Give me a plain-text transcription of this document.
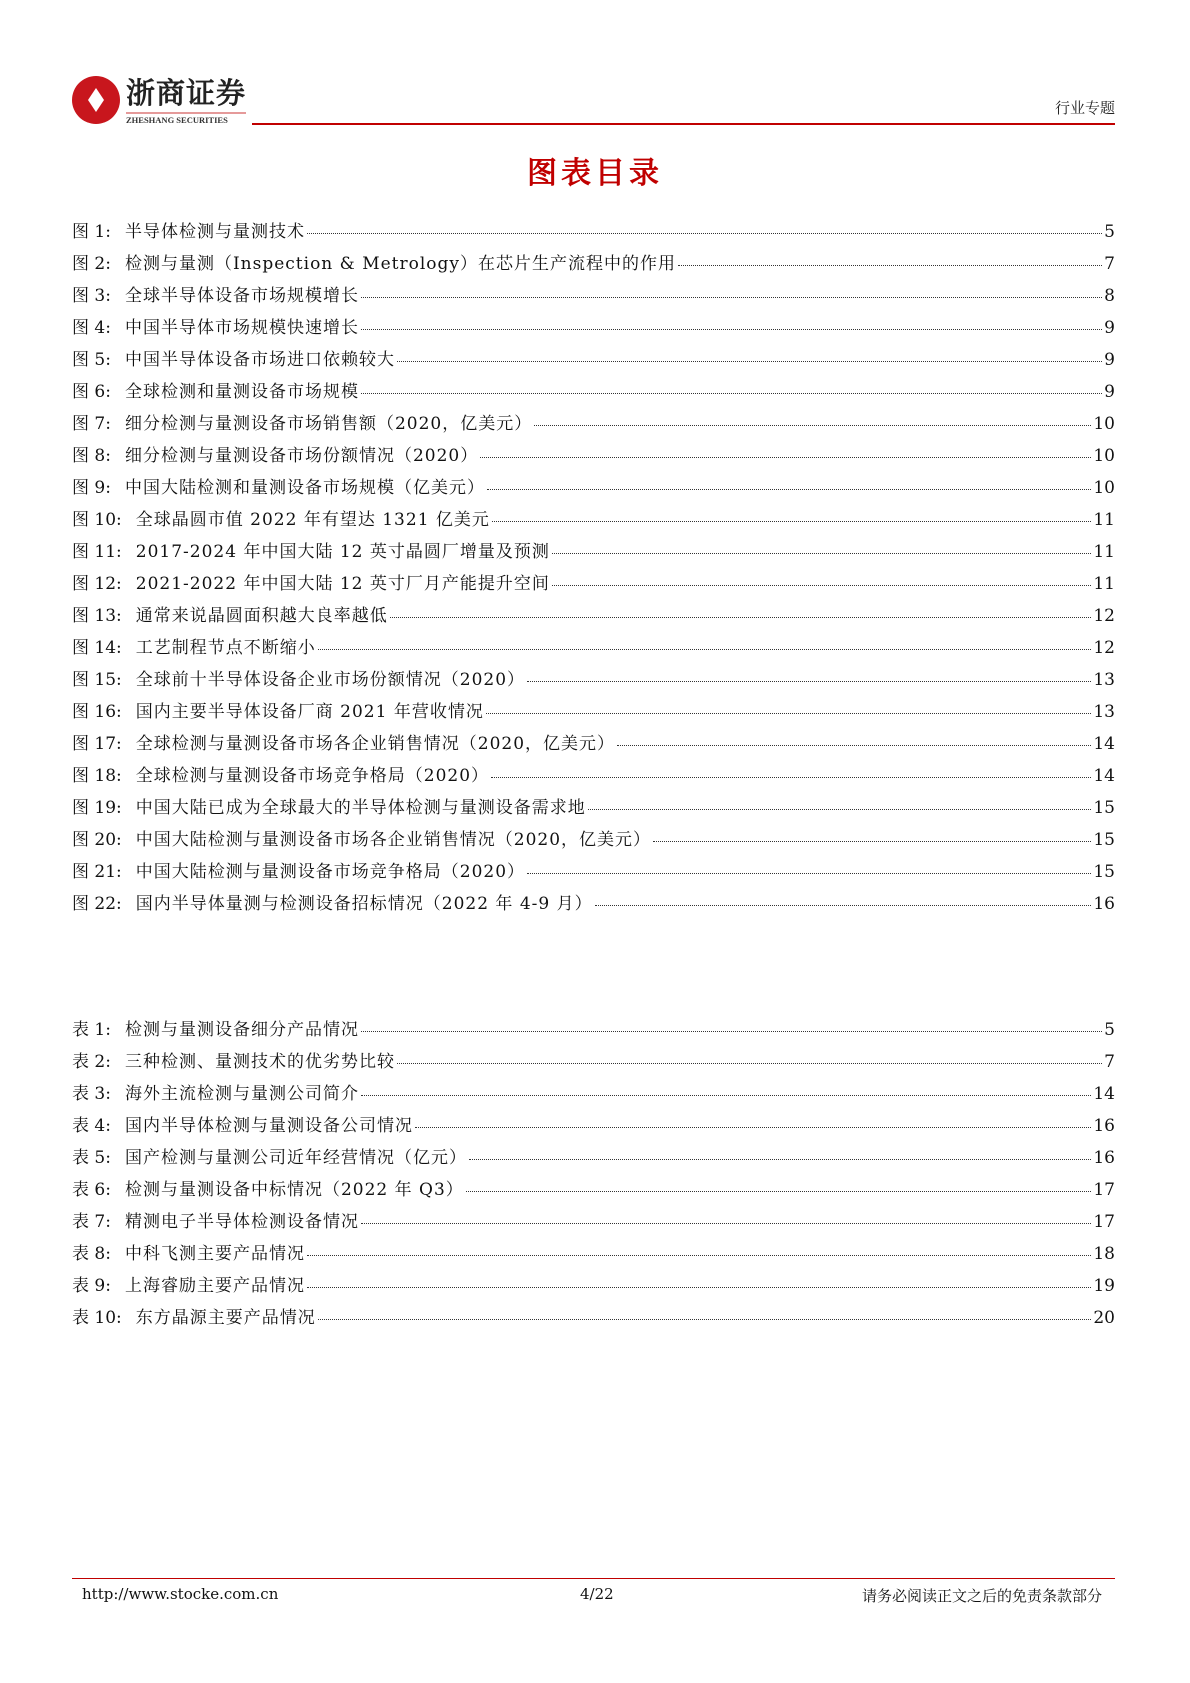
浙商证券
ZHESHANG SECURITIES
行业专题
图表目录
图 1: 半导体检测与量测技术	5
图 2: 检测与量测（Inspection & Metrology）在芯片生产流程中的作用	7
图 3: 全球半导体设备市场规模增长	8
图 4: 中国半导体市场规模快速增长	9
图 5: 中国半导体设备市场进口依赖较大	9
图 6: 全球检测和量测设备市场规模	9
图 7: 细分检测与量测设备市场销售额（2020，亿美元）	10
图 8: 细分检测与量测设备市场份额情况（2020）	10
图 9: 中国大陆检测和量测设备市场规模（亿美元）	10
图 10: 全球晶圆市值 2022 年有望达 1321 亿美元	11
图 11: 2017-2024 年中国大陆 12 英寸晶圆厂增量及预测	11
图 12: 2021-2022 年中国大陆 12 英寸厂月产能提升空间	11
图 13: 通常来说晶圆面积越大良率越低	12
图 14: 工艺制程节点不断缩小	12
图 15: 全球前十半导体设备企业市场份额情况（2020）	13
图 16: 国内主要半导体设备厂商 2021 年营收情况	13
图 17: 全球检测与量测设备市场各企业销售情况（2020，亿美元）	14
图 18: 全球检测与量测设备市场竞争格局（2020）	14
图 19: 中国大陆已成为全球最大的半导体检测与量测设备需求地	15
图 20: 中国大陆检测与量测设备市场各企业销售情况（2020，亿美元）	15
图 21: 中国大陆检测与量测设备市场竞争格局（2020）	15
图 22: 国内半导体量测与检测设备招标情况（2022 年 4-9 月）	16
表 1: 检测与量测设备细分产品情况	5
表 2: 三种检测、量测技术的优劣势比较	7
表 3: 海外主流检测与量测公司简介	14
表 4: 国内半导体检测与量测设备公司情况	16
表 5: 国产检测与量测公司近年经营情况（亿元）	16
表 6: 检测与量测设备中标情况（2022 年 Q3）	17
表 7: 精测电子半导体检测设备情况	17
表 8: 中科飞测主要产品情况	18
表 9: 上海睿励主要产品情况	19
表 10: 东方晶源主要产品情况	20
http://www.stocke.com.cn	4/22	请务必阅读正文之后的免责条款部分
